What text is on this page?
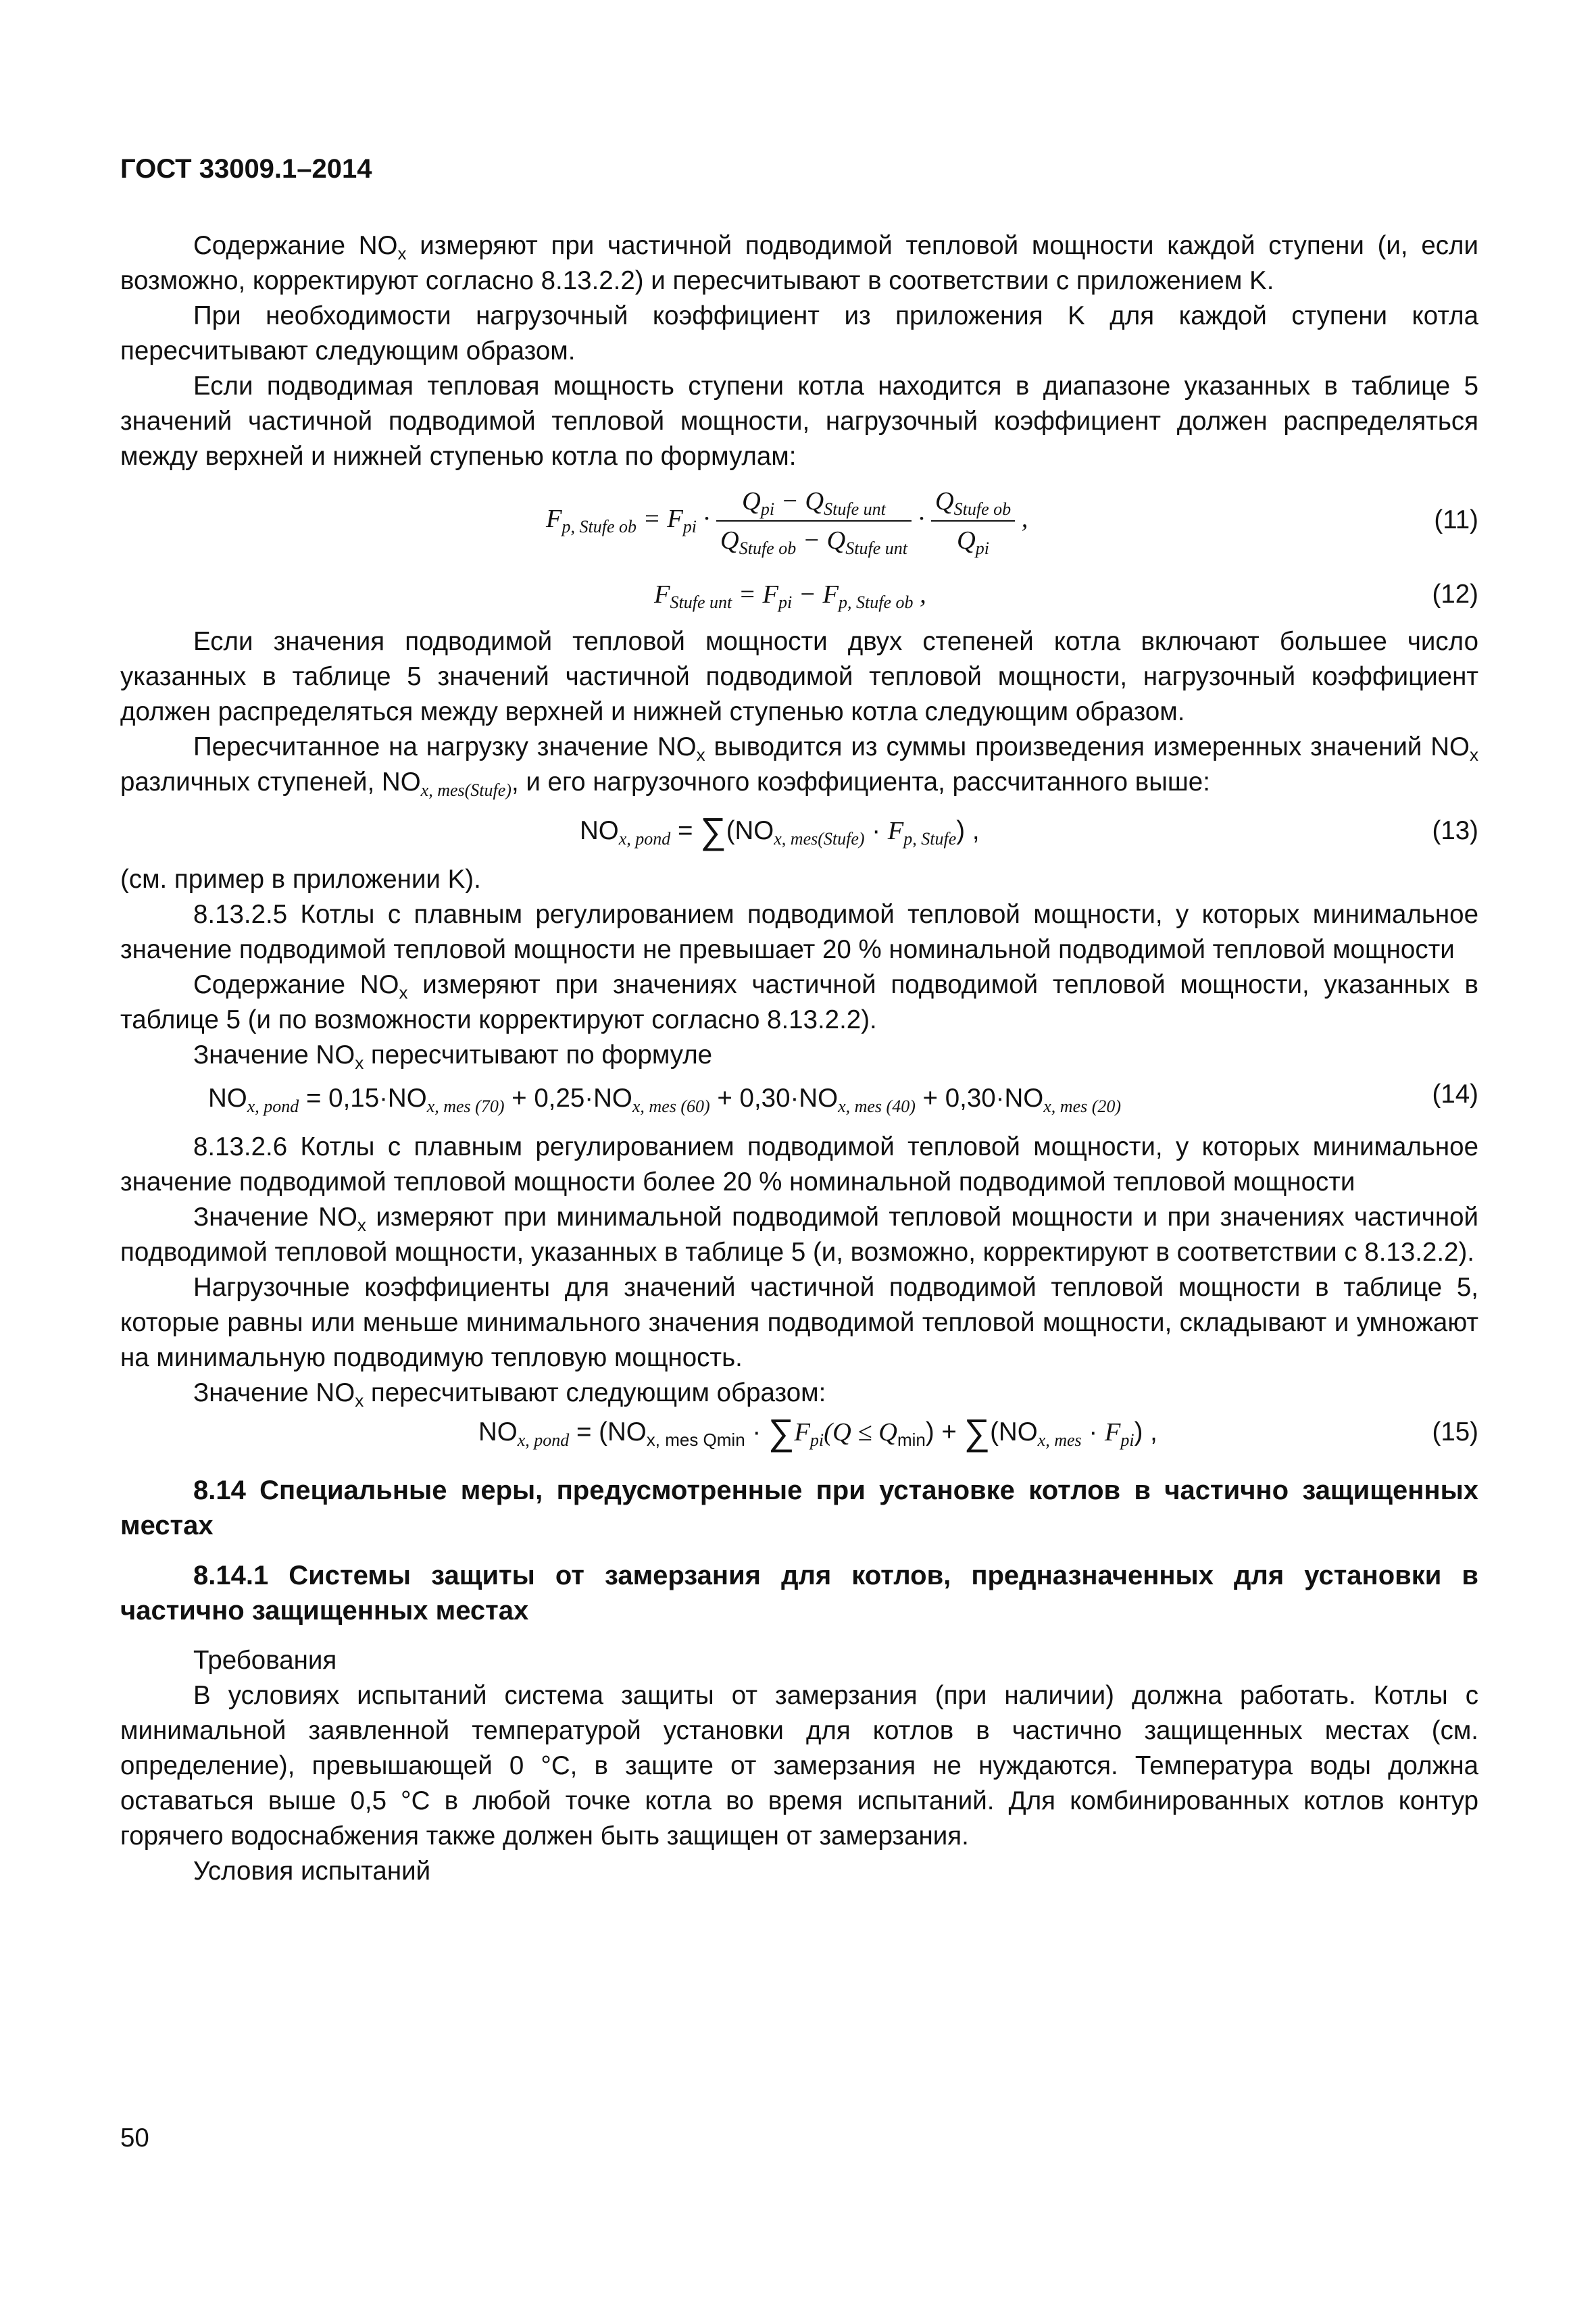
ГОСТ 33009.1–2014

Содержание $NO_x$ измеряют при частичной подводимой тепловой мощности каждой ступени (и, если возможно, корректируют согласно 8.13.2.2) и пересчитывают в соответствии с приложением K.

При необходимости нагрузочный коэффициент из приложения K для каждой ступени котла пересчитывают следующим образом.

Если подводимая тепловая мощность ступени котла находится в диапазоне указанных в таблице 5 значений частичной подводимой тепловой мощности, нагрузочный коэффициент должен распределяться между верхней и нижней ступенью котла по формулам:

$F_{p, Stufe ob} = F_{pi} \cdot \frac{Q_{pi} - Q_{Stufe unt}}{Q_{Stufe ob} - Q_{Stufe unt}} \cdot \frac{Q_{Stufe ob}}{Q_{pi}}$ ,	(11)
$F_{Stufe unt} = F_{pi} - F_{p, Stufe ob}$ ,	(12)

Если значения подводимой тепловой мощности двух степеней котла включают большее число указанных в таблице 5 значений частичной подводимой тепловой мощности, нагрузочный коэффициент должен распределяться между верхней и нижней ступенью котла следующим образом.

Пересчитанное на нагрузку значение $NO_x$ выводится из суммы произведения измеренных значений $NO_x$ различных ступеней, $NO_{x, mes(Stufe)}$, и его нагрузочного коэффициента, рассчитанного выше:

$NO_{x, pond} = \sum(NO_{x, mes(Stufe)} \cdot F_{p, Stufe})$ ,	(13)

(см. пример в приложении K).

8.13.2.5 Котлы с плавным регулированием подводимой тепловой мощности, у которых минимальное значение подводимой тепловой мощности не превышает 20 % номинальной подводимой тепловой мощности

Содержание $NO_x$ измеряют при значениях частичной подводимой тепловой мощности, указанных в таблице 5 (и по возможности корректируют согласно 8.13.2.2).

Значение $NO_x$ пересчитывают по формуле

$NO_{x, pond} = 0,15\cdot NO_{x, mes (70)} + 0,25\cdot NO_{x, mes (60)} + 0,30\cdot NO_{x, mes (40)} + 0,30\cdot NO_{x, mes (20)}$	(14)

8.13.2.6 Котлы с плавным регулированием подводимой тепловой мощности, у которых минимальное значение подводимой тепловой мощности более 20 % номинальной подводимой тепловой мощности

Значение $NO_x$ измеряют при минимальной подводимой тепловой мощности и при значениях частичной подводимой тепловой мощности, указанных в таблице 5 (и, возможно, корректируют в соответствии с 8.13.2.2).

Нагрузочные коэффициенты для значений частичной подводимой тепловой мощности в таблице 5, которые равны или меньше минимального значения подводимой тепловой мощности, складывают и умножают на минимальную подводимую тепловую мощность.

Значение $NO_x$ пересчитывают следующим образом:

$NO_{x, pond} = (NO_{x, mes Qmin} \cdot \sum F_{pi}(Q \le Q_{min}) + \sum(NO_{x, mes} \cdot F_{pi})$ ,	(15)
8.14 Специальные меры, предусмотренные при установке котлов в частично защищенных местах
8.14.1 Системы защиты от замерзания для котлов, предназначенных для установки в частично защищенных местах

Требования

В условиях испытаний система защиты от замерзания (при наличии) должна работать. Котлы с минимальной заявленной температурой установки для котлов в частично защищенных местах (см. определение), превышающей 0 °C, в защите от замерзания не нуждаются. Температура воды должна оставаться выше 0,5 °C в любой точке котла во время испытаний. Для комбинированных котлов контур горячего водоснабжения также должен быть защищен от замерзания.

Условия испытаний

50
